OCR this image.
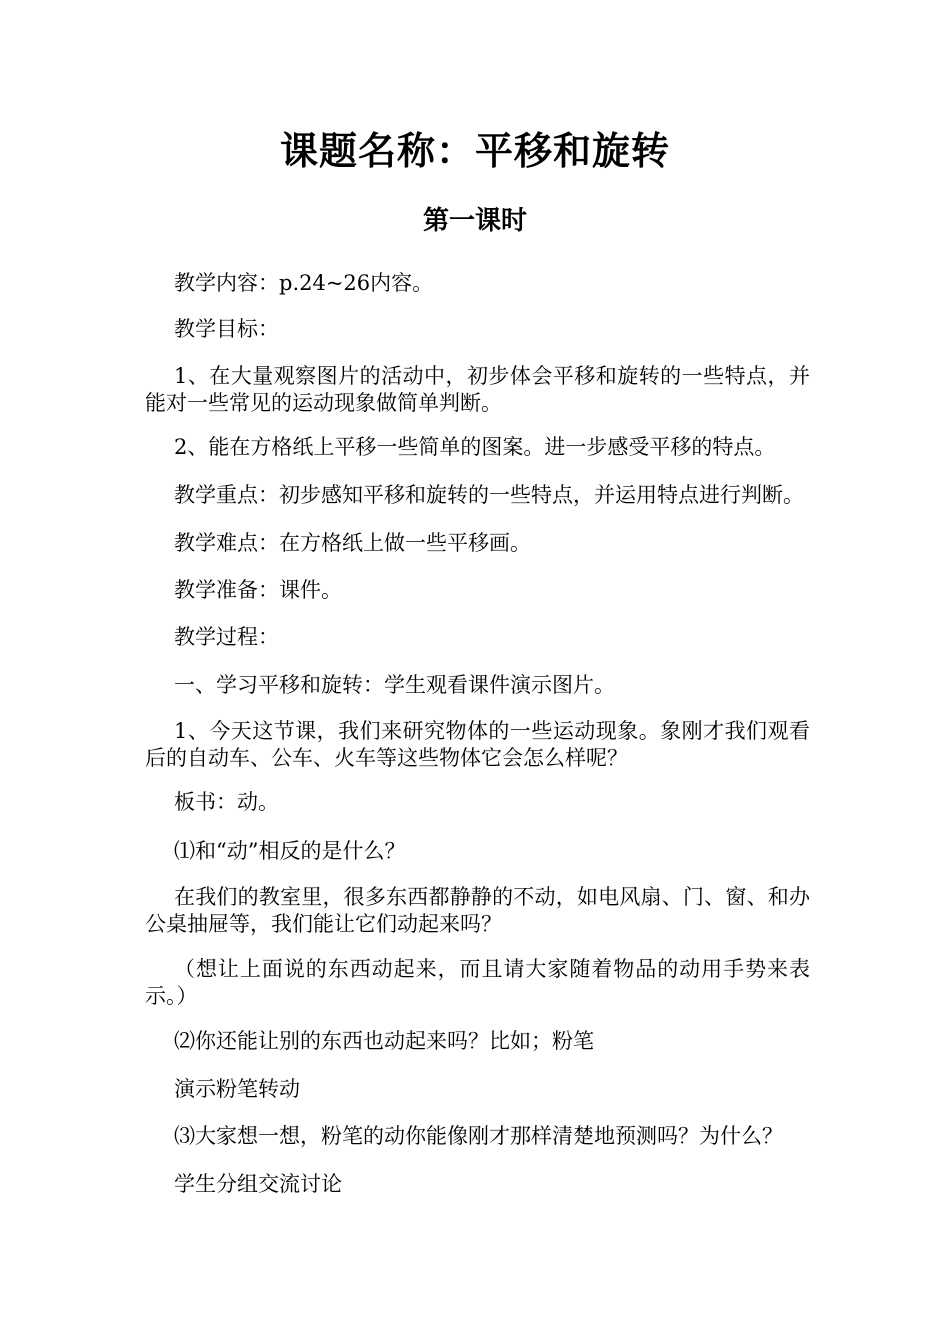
课题名称：平移和旋转
第一课时

教学内容：p.24~26内容。

教学目标：

1、在大量观察图片的活动中，初步体会平移和旋转的一些特点，并能对一些常见的运动现象做简单判断。

2、能在方格纸上平移一些简单的图案。进一步感受平移的特点。

教学重点：初步感知平移和旋转的一些特点，并运用特点进行判断。

教学难点：在方格纸上做一些平移画。

教学准备：课件。

教学过程：

一、学习平移和旋转：学生观看课件演示图片。

1、今天这节课，我们来研究物体的一些运动现象。象刚才我们观看后的自动车、公车、火车等这些物体它会怎么样呢？

板书：动。

⑴和“动”相反的是什么？

在我们的教室里，很多东西都静静的不动，如电风扇、门、窗、和办公桌抽屉等，我们能让它们动起来吗？

（想让上面说的东西动起来，而且请大家随着物品的动用手势来表示。）

⑵你还能让别的东西也动起来吗？比如；粉笔

演示粉笔转动

⑶大家想一想，粉笔的动你能像刚才那样清楚地预测吗？为什么？

学生分组交流讨论
